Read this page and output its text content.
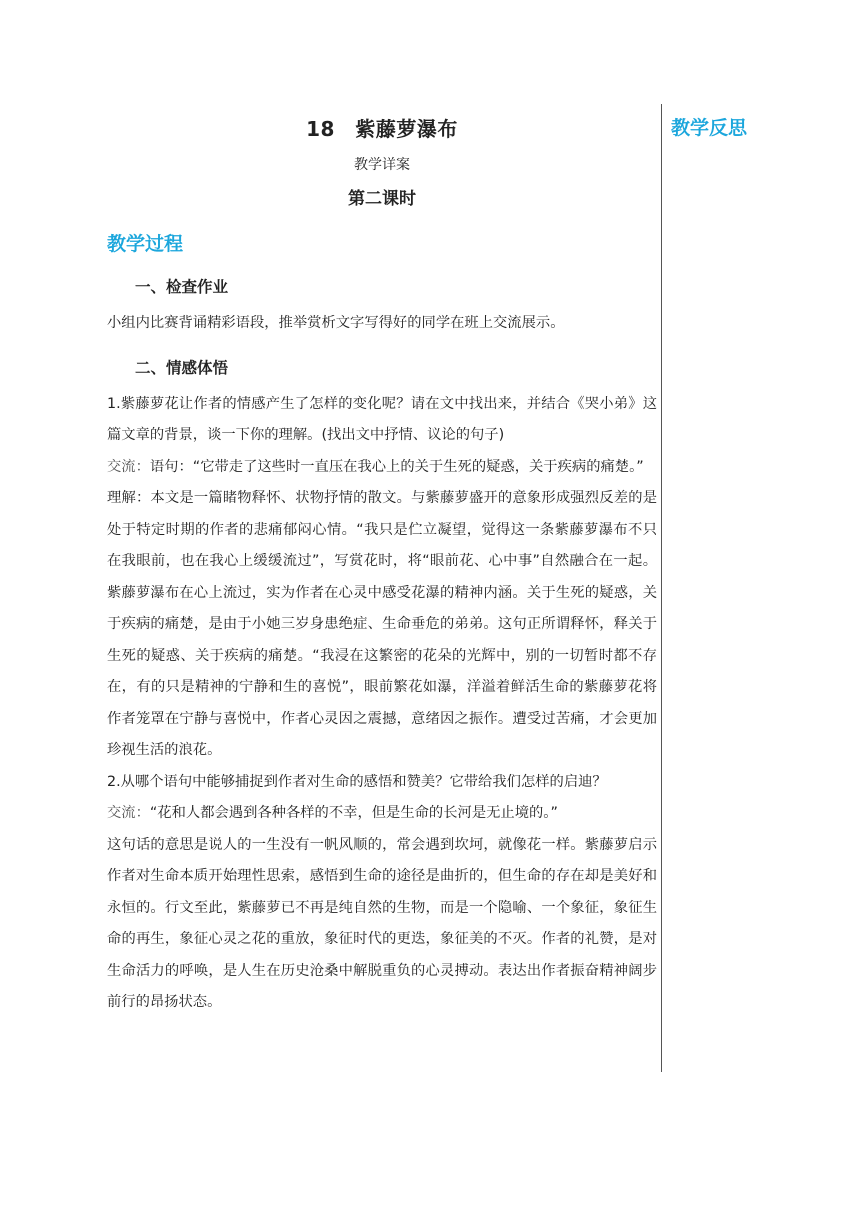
18　紫藤萝瀑布
教学详案
第二课时
教学过程
一、检查作业
小组内比赛背诵精彩语段，推举赏析文字写得好的同学在班上交流展示。
二、情感体悟
1.紫藤萝花让作者的情感产生了怎样的变化呢？请在文中找出来，并结合《哭小弟》这篇文章的背景，谈一下你的理解。(找出文中抒情、议论的句子)
交流：语句：“它带走了这些时一直压在我心上的关于生死的疑惑，关于疾病的痛楚。”
理解：本文是一篇睹物释怀、状物抒情的散文。与紫藤萝盛开的意象形成强烈反差的是处于特定时期的作者的悲痛郁闷心情。“我只是伫立凝望，觉得这一条紫藤萝瀑布不只在我眼前，也在我心上缓缓流过”，写赏花时，将“眼前花、心中事”自然融合在一起。紫藤萝瀑布在心上流过，实为作者在心灵中感受花瀑的精神内涵。关于生死的疑惑，关于疾病的痛楚，是由于小她三岁身患绝症、生命垂危的弟弟。这句正所谓释怀，释关于生死的疑惑、关于疾病的痛楚。“我浸在这繁密的花朵的光辉中，别的一切暂时都不存在，有的只是精神的宁静和生的喜悦”，眼前繁花如瀑，洋溢着鲜活生命的紫藤萝花将作者笼罩在宁静与喜悦中，作者心灵因之震撼，意绪因之振作。遭受过苦痛，才会更加珍视生活的浪花。
2.从哪个语句中能够捕捉到作者对生命的感悟和赞美？它带给我们怎样的启迪？
交流：“花和人都会遇到各种各样的不幸，但是生命的长河是无止境的。”
这句话的意思是说人的一生没有一帆风顺的，常会遇到坎坷，就像花一样。紫藤萝启示作者对生命本质开始理性思索，感悟到生命的途径是曲折的，但生命的存在却是美好和永恒的。行文至此，紫藤萝已不再是纯自然的生物，而是一个隐喻、一个象征，象征生命的再生，象征心灵之花的重放，象征时代的更迭，象征美的不灭。作者的礼赞，是对生命活力的呼唤，是人生在历史沧桑中解脱重负的心灵搏动。表达出作者振奋精神阔步前行的昂扬状态。
教学反思
